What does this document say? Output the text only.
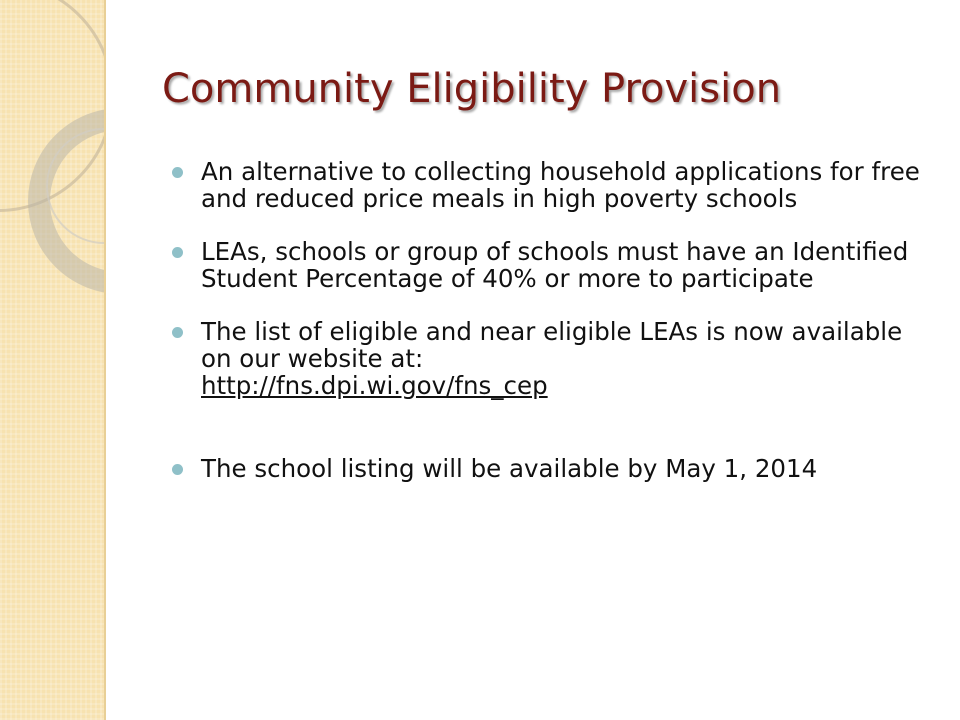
Community Eligibility Provision
An alternative to collecting household applications for free and reduced price meals in high poverty schools
LEAs, schools or group of schools must have an Identified Student Percentage of 40% or more to participate
The list of eligible and near eligible LEAs is now available on our website at:
http://fns.dpi.wi.gov/fns_cep
The school listing will be available by May 1, 2014
